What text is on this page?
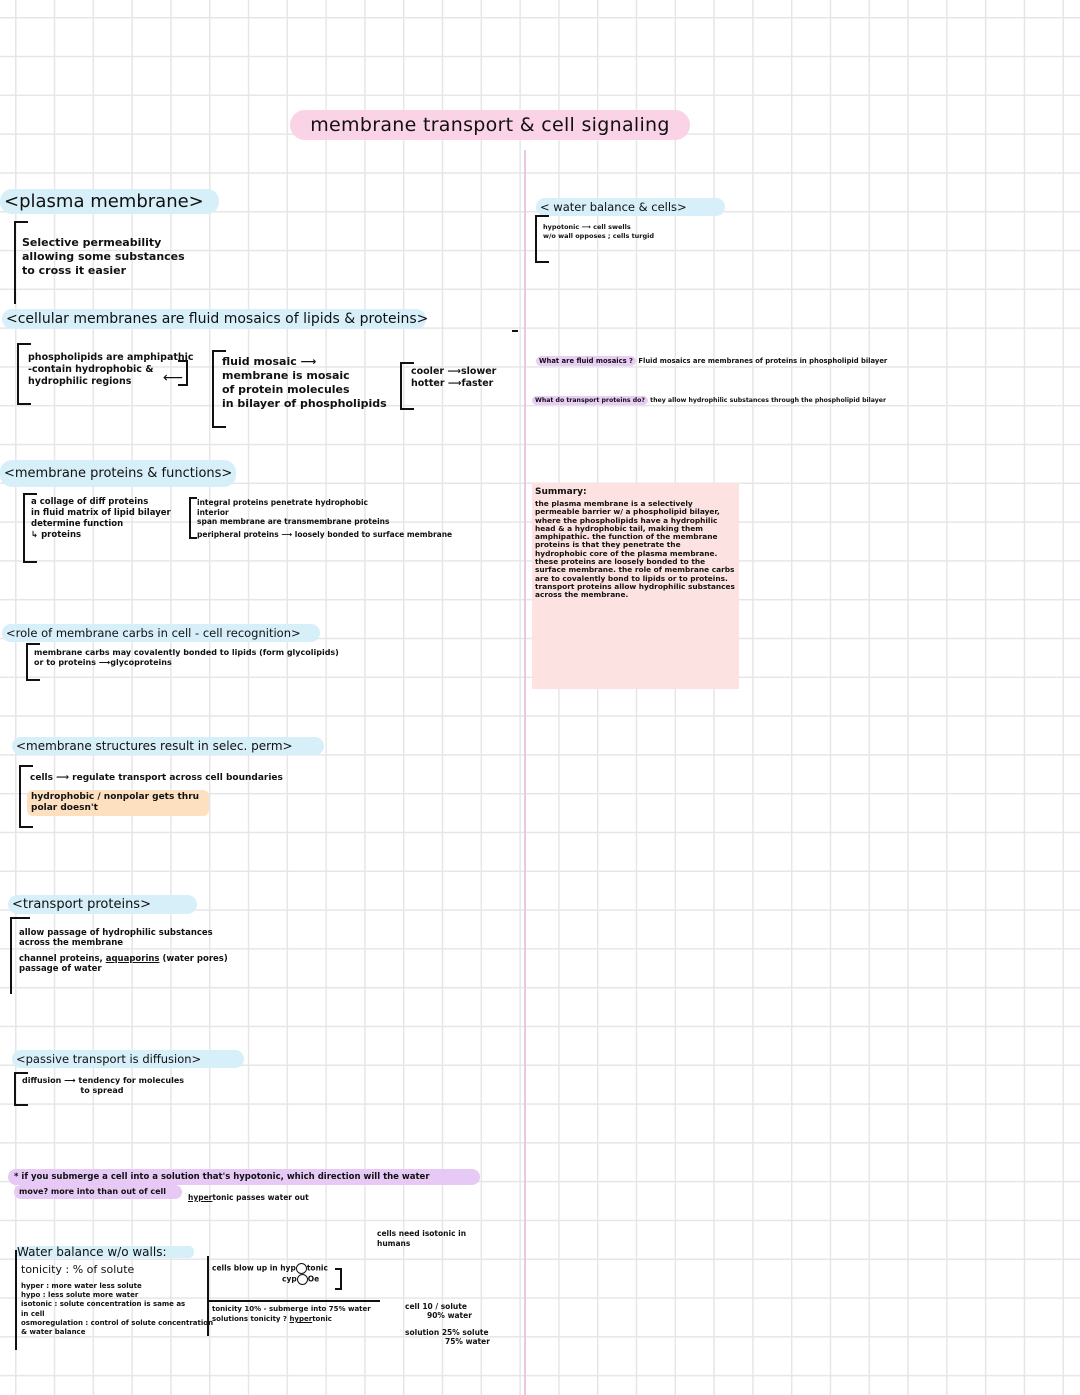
membrane transport & cell signaling
<plasma membrane>
Selective permeability
allowing some substances
to cross it easier
<cellular membranes are fluid mosaics of lipids & proteins>
phospholipids are amphipathic
-contain hydrophobic &
hydrophilic regions	⟵
fluid mosaic ⟶
membrane is mosaic
of protein molecules
in bilayer of phospholipids
cooler ⟶slower
hotter ⟶faster
<membrane proteins & functions>
a collage of diff proteins
in fluid matrix of lipid bilayer
determine function
↳ proteins
integral proteins penetrate hydrophobic
interior
span membrane are transmembrane proteins
peripheral proteins ⟶ loosely bonded to surface membrane
<role of membrane carbs in cell - cell recognition>
membrane carbs may covalently bonded to lipids (form glycolipids)
or to proteins ⟶glycoproteins
<membrane structures result in selec. perm>
cells ⟶ regulate transport across cell boundaries
hydrophobic / nonpolar gets thru
polar doesn't
<transport proteins>
allow passage of hydrophilic substances
across the membrane
channel proteins, aquaporins (water pores)
passage of water
<passive transport is diffusion>
diffusion ⟶ tendency for molecules
to spread
* if you submerge a cell into a solution that's hypotonic, which direction will the water
move? more into than out of cell
hypertonic passes water out
cells need isotonic in
humans
Water balance w/o walls:
tonicity : % of solute
hyper : more water less solute
hypo : less solute more water
isotonic : solute concentration is same as
in cell
osmoregulation : control of solute concentration
& water balance
cells blow up in hyp tonic
cyp Oe
tonicity 10% - submerge into 75% water
solutions tonicity ? hypertonic
cell 10 / solute
90% water
solution 25% solute
75% water
< water balance & cells>
hypotonic ⟶ cell swells
w/o wall opposes ; cells turgid
What are fluid mosaics ? Fluid mosaics are membranes of proteins in phospholipid bilayer
What do transport proteins do? they allow hydrophilic substances through the phospholipid bilayer
Summary:
the plasma membrane is a selectively permeable barrier w/ a phospholipid bilayer, where the phospholipids have a hydrophilic head & a hydrophobic tail, making them amphipathic. the function of the membrane proteins is that they penetrate the hydrophobic core of the plasma membrane. these proteins are loosely bonded to the surface membrane. the role of membrane carbs are to covalently bond to lipids or to proteins. transport proteins allow hydrophilic substances across the membrane.
